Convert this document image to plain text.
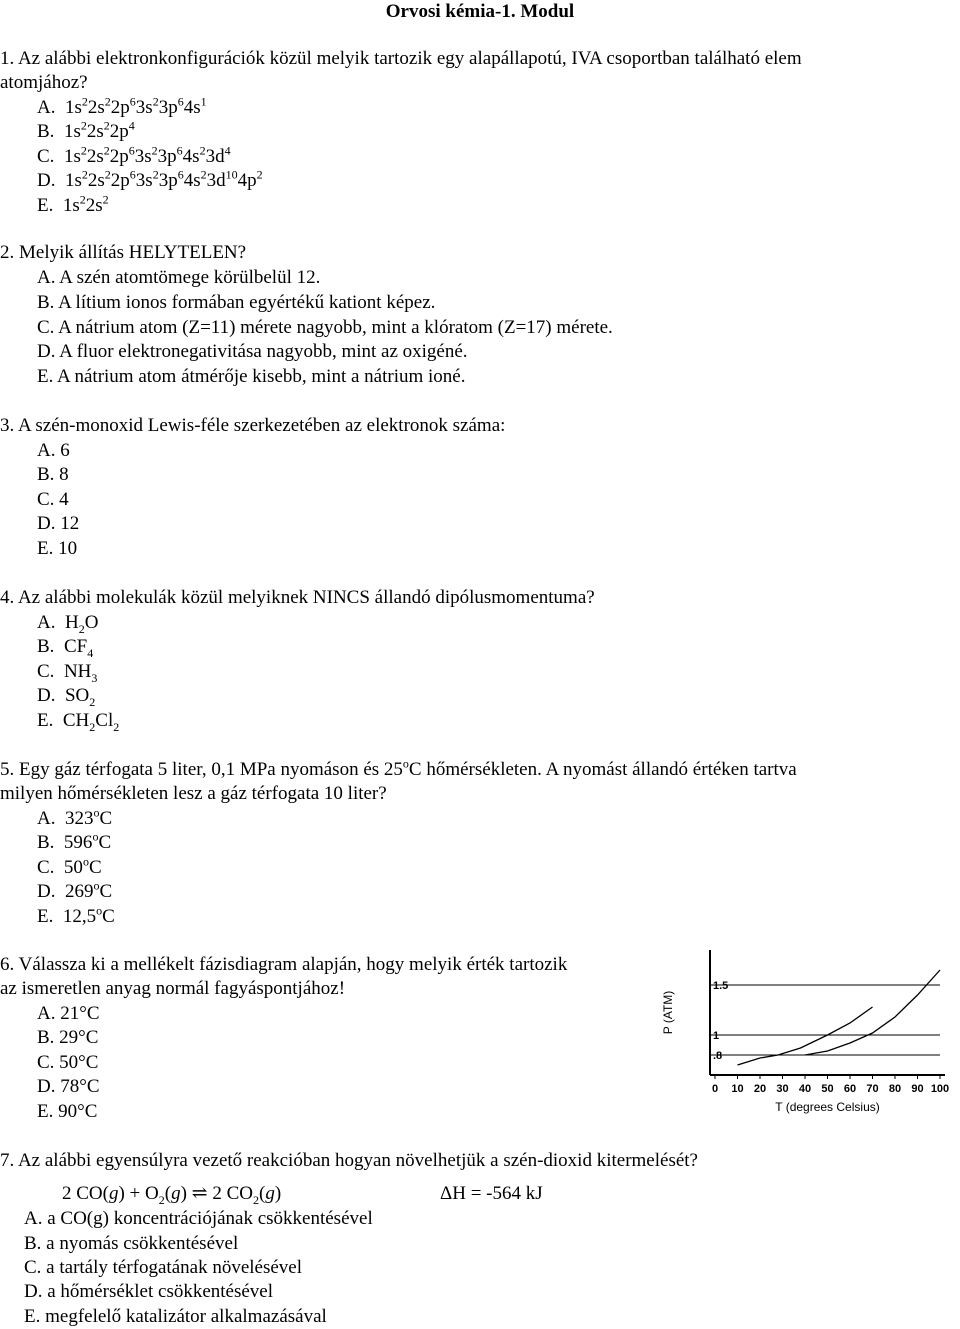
Orvosi kémia-1. Modul
1. Az alábbi elektronkonfigurációk közül melyik tartozik egy alapállapotú, IVA csoportban található elem
atomjához?
A.  $1s^22s^22p^63s^23p^64s^1$
B.  $1s^22s^22p^4$
C.  $1s^22s^22p^63s^23p^64s^23d^4$
D.  $1s^22s^22p^63s^23p^64s^23d^{10}4p^2$
E.  $1s^22s^2$
2. Melyik állítás HELYTELEN?
A. A szén atomtömege körülbelül 12.
B. A lítium ionos formában egyértékű kationt képez.
C. A nátrium atom (Z=11) mérete nagyobb, mint a klóratom (Z=17) mérete.
D. A fluor elektronegativitása nagyobb, mint az oxigéné.
E. A nátrium atom átmérője kisebb, mint a nátrium ioné.
3. A szén-monoxid Lewis-féle szerkezetében az elektronok száma:
A. 6
B. 8
C. 4
D. 12
E. 10
4. Az alábbi molekulák közül melyiknek NINCS állandó dipólusmomentuma?
A.  $H_2O$
B.  $CF_4$
C.  $NH_3$
D.  $SO_2$
E.  $CH_2Cl_2$
5. Egy gáz térfogata 5 liter, 0,1 MPa nyomáson és 25$^o$C hőmérsékleten. A nyomást állandó értéken tartva
milyen hőmérsékleten lesz a gáz térfogata 10 liter?
A.  323$^o$C
B.  596$^o$C
C.  50$^o$C
D.  269$^o$C
E.  12,5$^o$C
6. Válassza ki a mellékelt fázisdiagram alapján, hogy melyik érték tartozik
az ismeretlen anyag normál fagyáspontjához!
A. 21°C
B. 29°C
C. 50°C
D. 78°C
E. 90°C
1.5
1
.8
0 10 20 30 40 50 60 70 80 90 100
T (degrees Celsius)
P (ATM)
7. Az alábbi egyensúlyra vezető reakcióban hogyan növelhetjük a szén-dioxid kitermelését?
2 $CO(g) + O_2(g)$ ⇌ 2 $CO_2(g)$	ΔH = -564 kJ
A. a CO(g) koncentrációjának csökkentésével
B. a nyomás csökkentésével
C. a tartály térfogatának növelésével
D. a hőmérséklet csökkentésével
E. megfelelő katalizátor alkalmazásával
